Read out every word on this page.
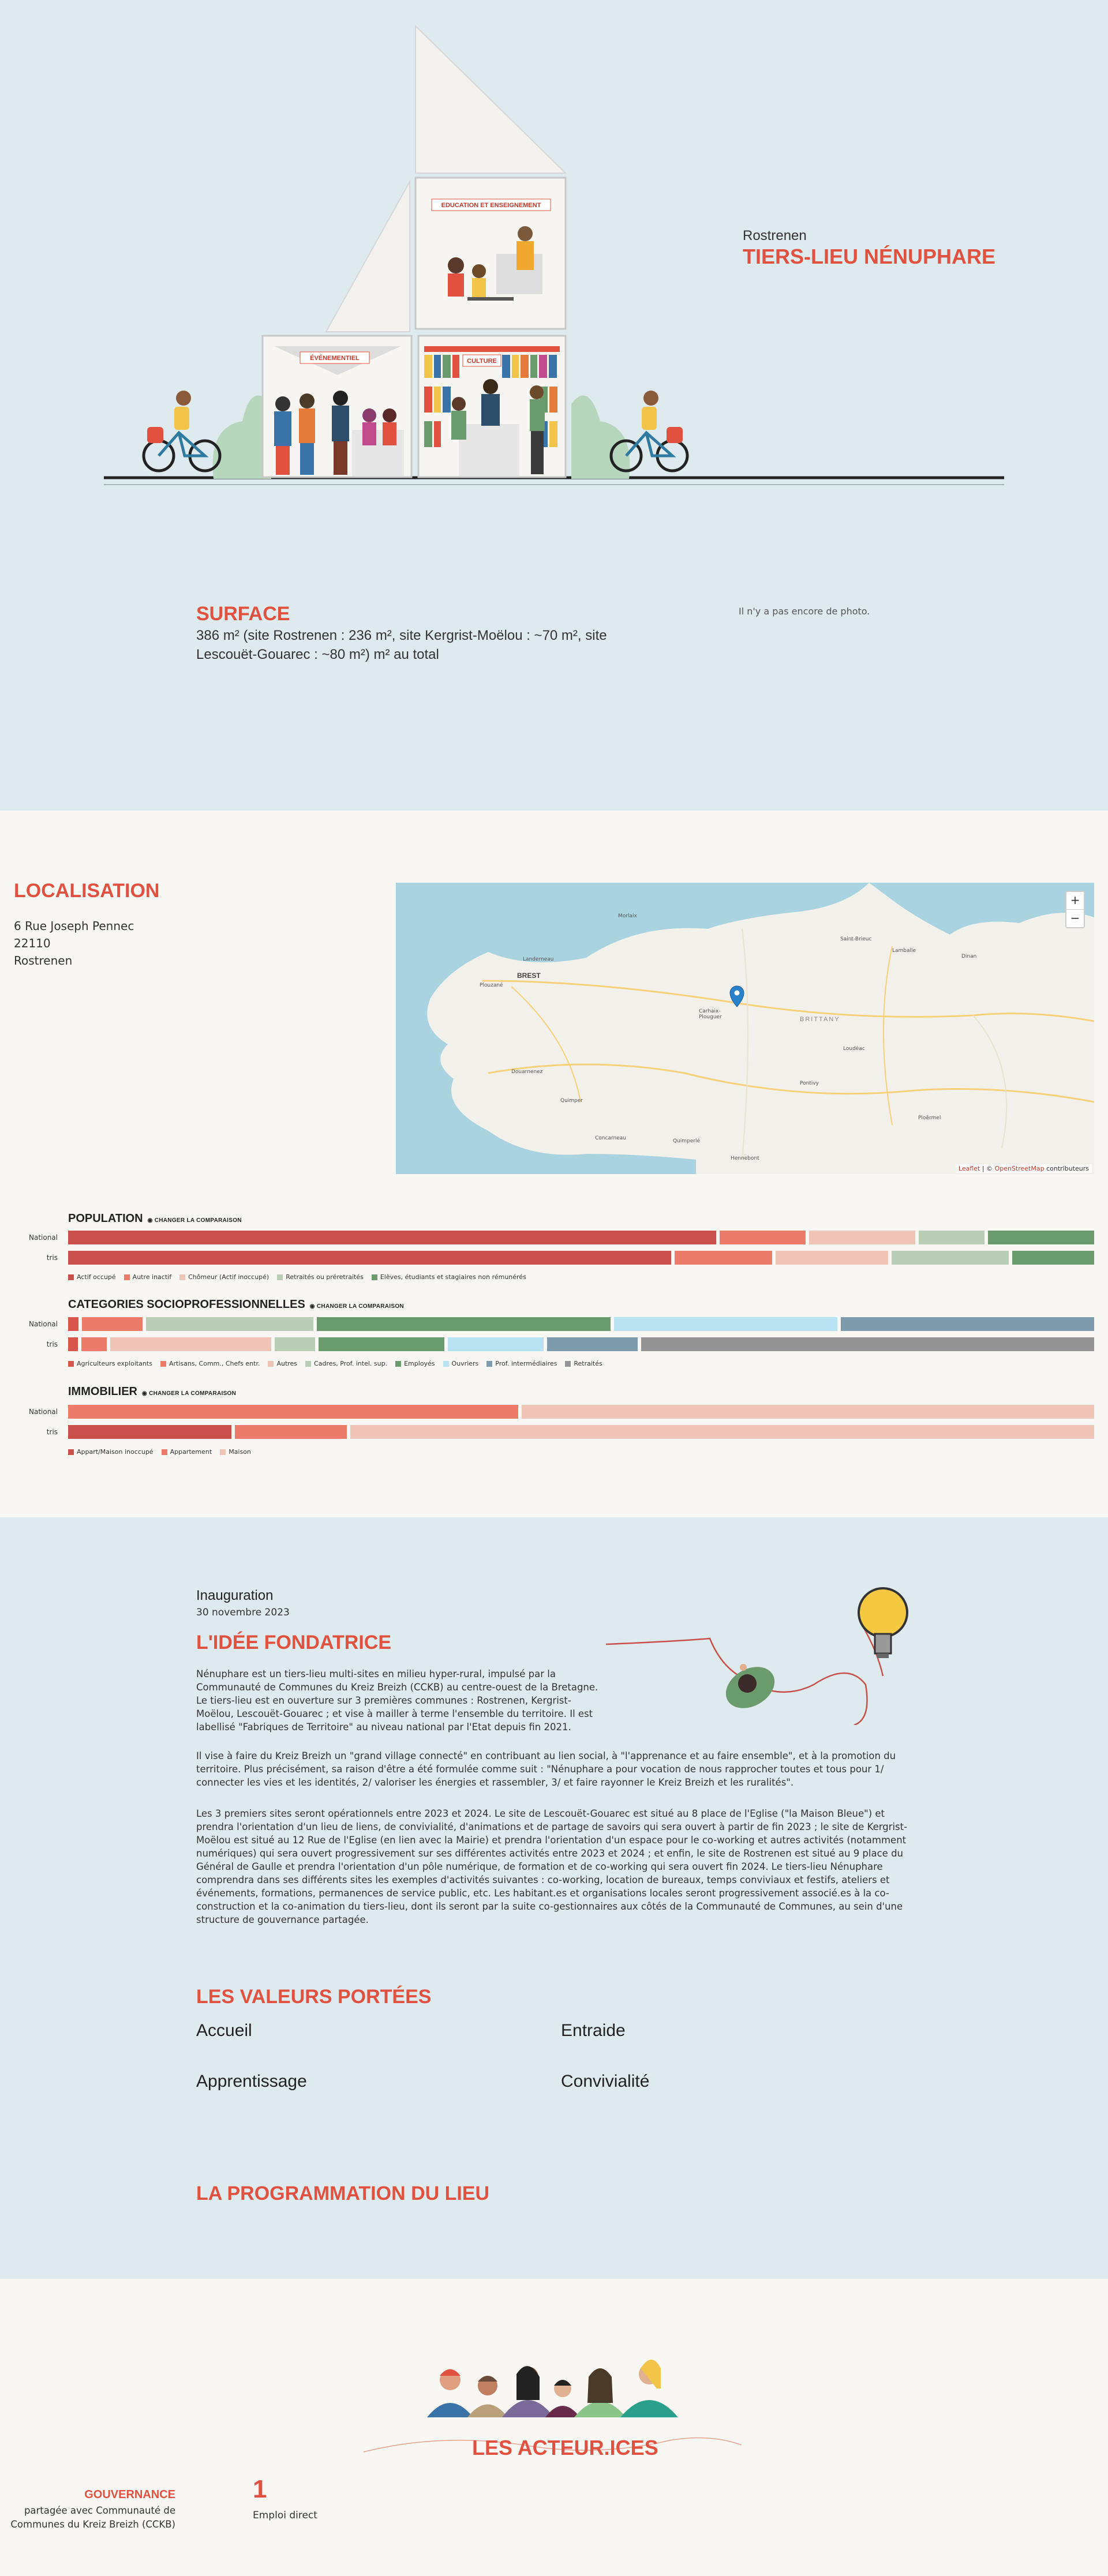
EDUCATION ET ENSEIGNEMENT
ÉVÉNEMENTIEL	CULTURE
Rostrenen
TIERS-LIEU NÉNUPHARE
SURFACE
386 m² (site Rostrenen : 236 m², site Kergrist-Moëlou : ~70 m², site Lescouët-Gouarec : ~80 m²) m² au total
Il n'y a pas encore de photo.
LOCALISATION
6 Rue Joseph Pennec
22110
Rostrenen
Morlaix
Plouzané
Landerneau
Carhaix-
Plouguer
Saint-Brieuc
Lamballe
Dinan
Loudéac
Pontivy
Douarnenez
Quimper
Concarneau	Quimperlé
Ploërmel
Hennebont
BREST
BRITTANY
+
−
Leaflet | © OpenStreetMap contributeurs
POPULATION ◉ CHANGER LA COMPARAISON
National
tris
Actif occupé	Autre inactif	Chômeur (Actif inoccupé)	Retraités ou préretraités	Elèves, étudiants et stagiaires non rémunérés
CATEGORIES SOCIOPROFESSIONNELLES ◉ CHANGER LA COMPARAISON
National
tris
Agriculteurs exploitants	Artisans, Comm., Chefs entr.	Autres	Cadres, Prof. intel. sup.	Employés	Ouvriers	Prof. intermédiaires	Retraités
IMMOBILIER ◉ CHANGER LA COMPARAISON
National
tris
Appart/Maison inoccupé	Appartement	Maison
Inauguration
30 novembre 2023
L'IDÉE FONDATRICE
Nénuphare est un tiers-lieu multi-sites en milieu hyper-rural, impulsé par la Communauté de Communes du Kreiz Breizh (CCKB) au centre-ouest de la Bretagne. Le tiers-lieu est en ouverture sur 3 premières communes : Rostrenen, Kergrist-Moëlou, Lescouët-Gouarec ; et vise à mailler à terme l'ensemble du territoire. Il est labellisé "Fabriques de Territoire" au niveau national par l'Etat depuis fin 2021.
Il vise à faire du Kreiz Breizh un "grand village connecté" en contribuant au lien social, à "l'apprenance et au faire ensemble", et à la promotion du territoire. Plus précisément, sa raison d'être a été formulée comme suit : "Nénuphare a pour vocation de nous rapprocher toutes et tous pour 1/ connecter les vies et les identités, 2/ valoriser les énergies et rassembler, 3/ et faire rayonner le Kreiz Breizh et les ruralités".
Les 3 premiers sites seront opérationnels entre 2023 et 2024. Le site de Lescouët-Gouarec est situé au 8 place de l'Eglise ("la Maison Bleue") et prendra l'orientation d'un lieu de liens, de convivialité, d'animations et de partage de savoirs qui sera ouvert à partir de fin 2023 ; le site de Kergrist-Moëlou est situé au 12 Rue de l'Eglise (en lien avec la Mairie) et prendra l'orientation d'un espace pour le co-working et autres activités (notamment numériques) qui sera ouvert progressivement sur ses différentes activités entre 2023 et 2024 ; et enfin, le site de Rostrenen est situé au 9 place du Général de Gaulle et prendra l'orientation d'un pôle numérique, de formation et de co-working qui sera ouvert fin 2024. Le tiers-lieu Nénuphare comprendra dans ses différents sites les exemples d'activités suivantes : co-working, location de bureaux, temps conviviaux et festifs, ateliers et événements, formations, permanences de service public, etc. Les habitant.es et organisations locales seront progressivement associé.es à la co-construction et la co-animation du tiers-lieu, dont ils seront par la suite co-gestionnaires aux côtés de la Communauté de Communes, au sein d'une structure de gouvernance partagée.
LES VALEURS PORTÉES
Accueil	Entraide
Apprentissage	Convivialité
LA PROGRAMMATION DU LIEU
LES ACTEUR.ICES
GOUVERNANCE
partagée avec Communauté de Communes du Kreiz Breizh (CCKB)
1
Emploi direct
